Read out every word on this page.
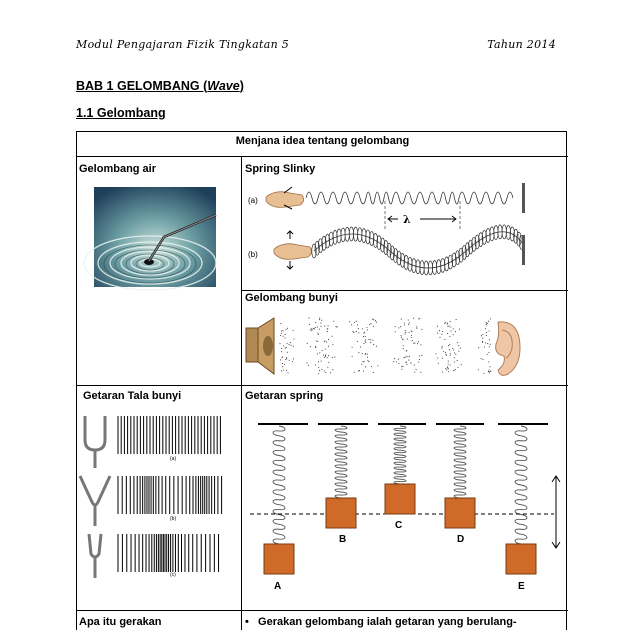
Modul Pengajaran Fizik Tingkatan 5	Tahun 2014
BAB 1 GELOMBANG (Wave)
1.1 Gelombang
Menjana idea tentang gelombang
Gelombang air	Spring Slinky
Gelombang bunyi
Getaran Tala bunyi	Getaran spring
Apa itu gerakan	•   Gerakan gelombang ialah getaran yang berulang-
(a)
λ
(b)
(a)
(b)
(c)
A
B
C
D
E
